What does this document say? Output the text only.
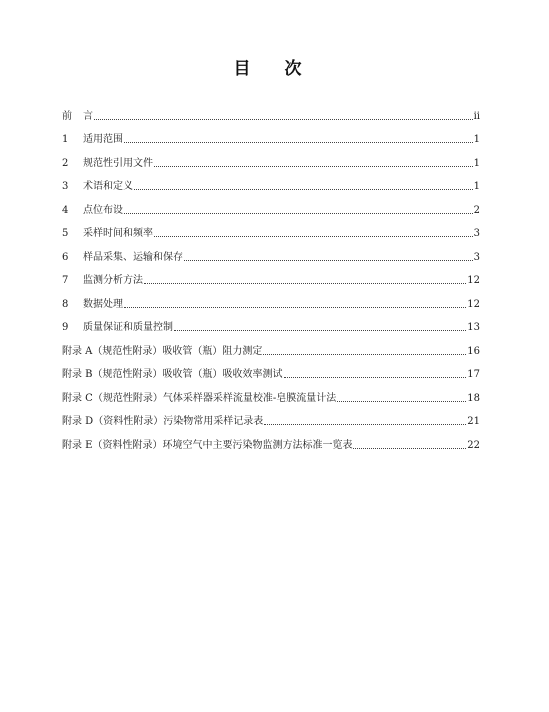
目 次
前	言	ii
1	适用范围	1
2	规范性引用文件	1
3	术语和定义	1
4	点位布设	2
5	采样时间和频率	3
6	样品采集、运输和保存	3
7	监测分析方法	12
8	数据处理	12
9	质量保证和质量控制	13
附录 A（规范性附录）吸收管（瓶）阻力测定	16
附录 B（规范性附录）吸收管（瓶）吸收效率测试	17
附录 C（规范性附录）气体采样器采样流量校准-皂膜流量计法	18
附录 D（资料性附录）污染物常用采样记录表	21
附录 E（资料性附录）环境空气中主要污染物监测方法标准一览表	22
